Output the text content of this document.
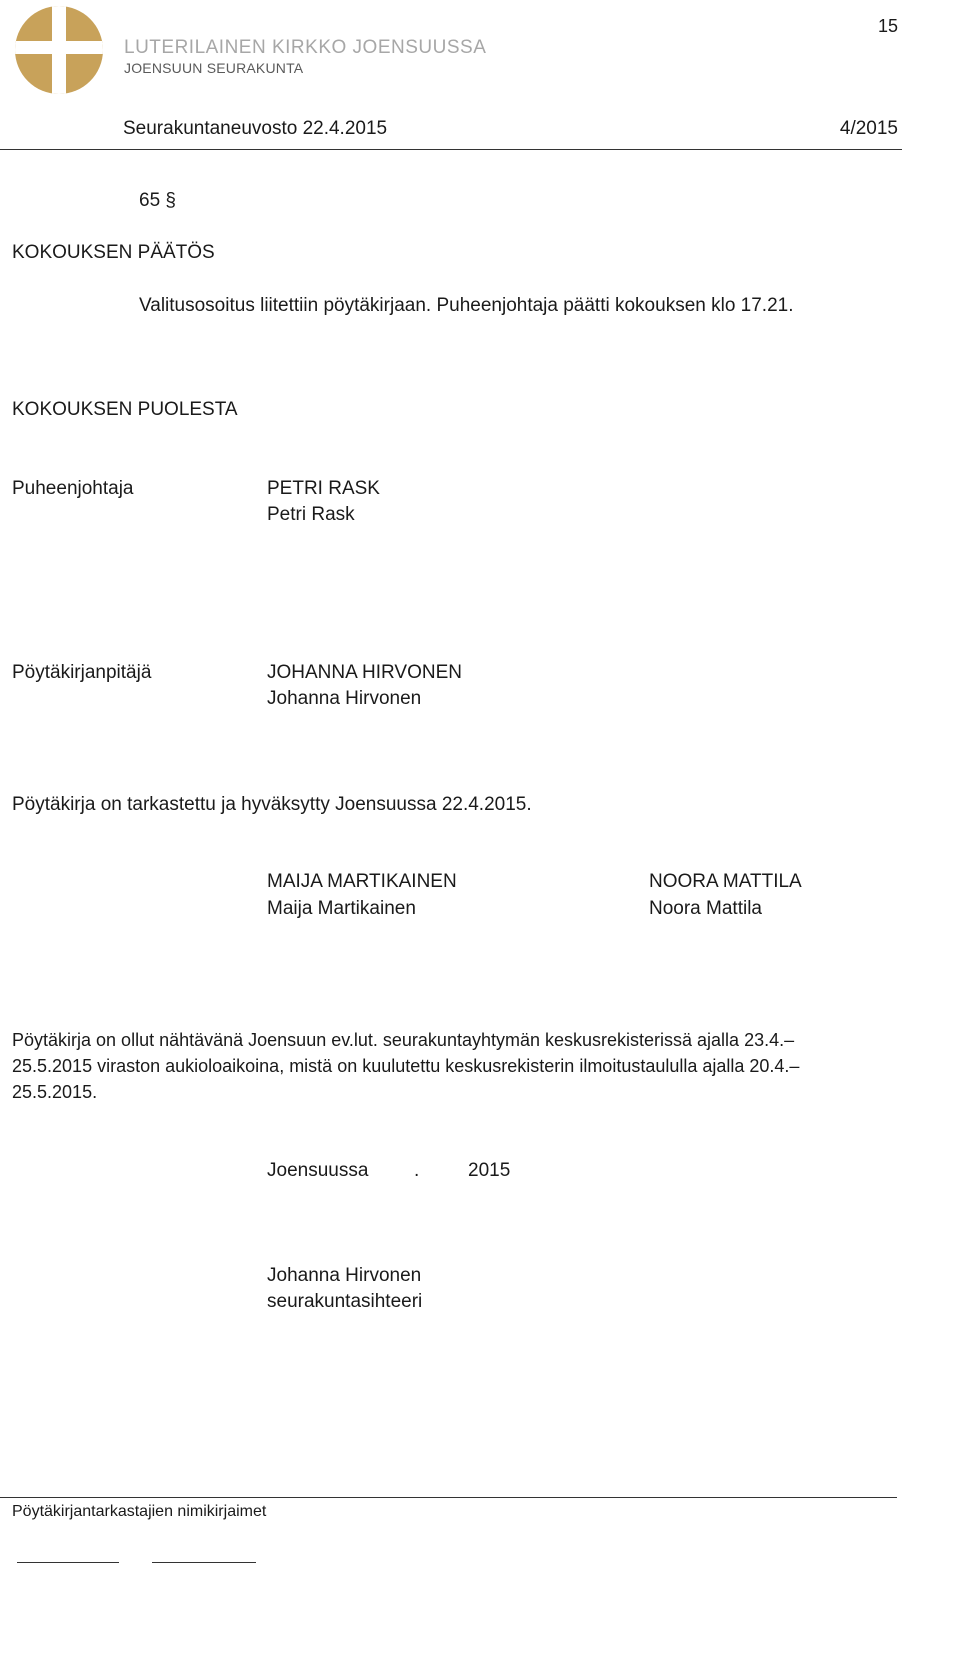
15
LUTERILAINEN KIRKKO JOENSUUSSA
JOENSUUN SEURAKUNTA
Seurakuntaneuvosto 22.4.2015	4/2015
65 §
KOKOUKSEN PÄÄTÖS
Valitusosoitus liitettiin pöytäkirjaan. Puheenjohtaja päätti kokouksen klo 17.21.
KOKOUKSEN PUOLESTA
Puheenjohtaja	PETRI RASK
Petri Rask
Pöytäkirjanpitäjä	JOHANNA HIRVONEN
Johanna Hirvonen
Pöytäkirja on tarkastettu ja hyväksytty Joensuussa 22.4.2015.
MAIJA MARTIKAINEN
Maija Martikainen
NOORA MATTILA
Noora Mattila
Pöytäkirja on ollut nähtävänä Joensuun ev.lut. seurakuntayhtymän keskusrekisterissä ajalla 23.4.–
25.5.2015 viraston aukioloaikoina, mistä on kuulutettu keskusrekisterin ilmoitustaululla ajalla 20.4.–
25.5.2015.
Joensuussa .	2015
Johanna Hirvonen
seurakuntasihteeri
Pöytäkirjantarkastajien nimikirjaimet
